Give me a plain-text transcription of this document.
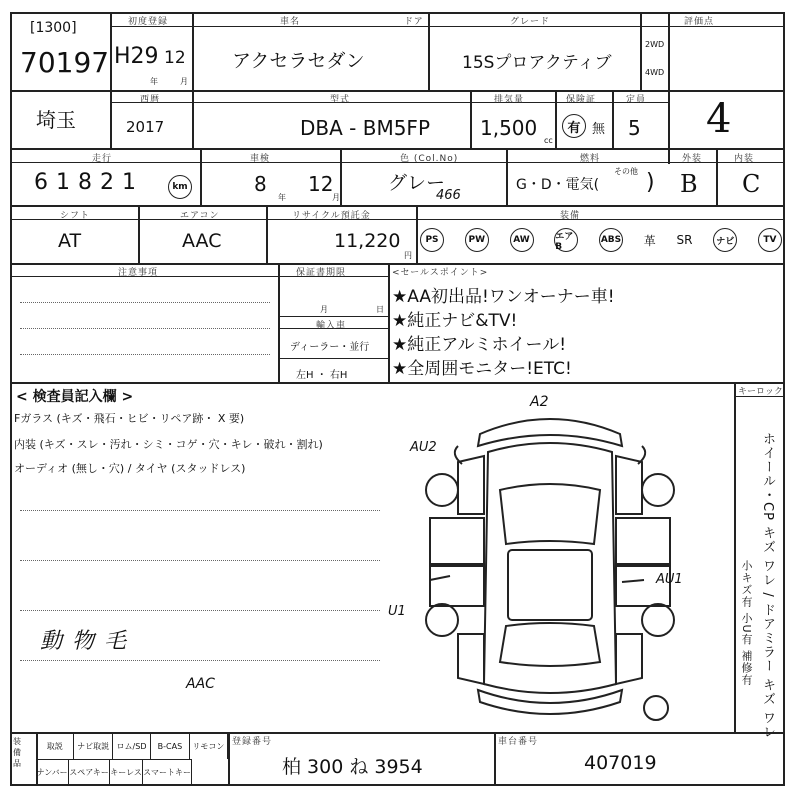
[1300]
70197
初度登録
H29 12
年	月
車名
アクセラセダン
ドア	グレード
15Sプロアクティブ
2WD
4WD
評価点
4
埼玉
西暦
2017
型式
DBA - BM5FP
排気量
1,500
cc
保険証
有 無
定員
5
走行
61821	km
車検
8
年
12
月
色 (Col.No)
グレー
466
燃料
G・D・電気(
その他 )
外装
B
内装
C
シフト
AT
エアコン
AAC
リサイクル預託金
11,220
円
装備
PS	PW	AW	エアB
ABS 革 SR	ナビ	TV
注意事項	保証書期限
月	日
輸入車
ディーラー・並行
左H ・ 右H
<セールスポイント>
★AA初出品!ワンオーナー車!
★純正ナビ&TV!
★純正アルミホイール!
★全周囲モニター!ETC!
< 検査員記入欄 >
Fガラス (キズ・飛石・ヒビ・リペア跡・ X 要)
内装 (キズ・スレ・汚れ・シミ・コゲ・穴・キレ・破れ・割れ)
オーディオ (無し・穴) / タイヤ (スタッドレス)
動物毛
AAC
キーロック
ホイール・CP キズ ワレ / ドアミラー キズ ワレ
小キズ有 小U有 補修有
A2
AU2
AU1
U1
装備品
取説	ナビ取説 ロム/SD	B-CAS	リモコン
ナンバー スペアキー キーレス スマートキー
登録番号
柏 300 ね 3954
車台番号
407019
